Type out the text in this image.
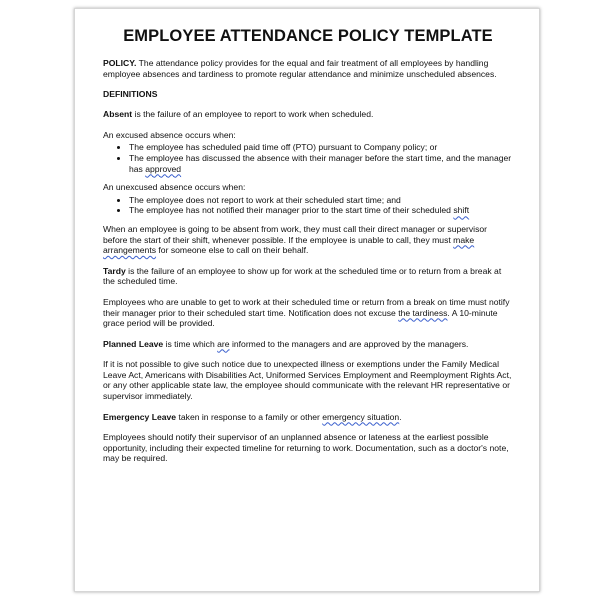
EMPLOYEE ATTENDANCE POLICY TEMPLATE

POLICY. The attendance policy provides for the equal and fair treatment of all employees by handling employee absences and tardiness to promote regular attendance and minimize unscheduled absences.

DEFINITIONS

Absent is the failure of an employee to report to work when scheduled.

An excused absence occurs when:

• The employee has scheduled paid time off (PTO) pursuant to Company policy; or
• The employee has discussed the absence with their manager before the start time, and the manager has approved

An unexcused absence occurs when:

• The employee does not report to work at their scheduled start time; and
• The employee has not notified their manager prior to the start time of their scheduled shift

When an employee is going to be absent from work, they must call their direct manager or supervisor before the start of their shift, whenever possible. If the employee is unable to call, they must make arrangements for someone else to call on their behalf.

Tardy is the failure of an employee to show up for work at the scheduled time or to return from a break at the scheduled time.

Employees who are unable to get to work at their scheduled time or return from a break on time must notify their manager prior to their scheduled start time. Notification does not excuse the tardiness. A 10-minute grace period will be provided.

Planned Leave is time which are informed to the managers and are approved by the managers.

If it is not possible to give such notice due to unexpected illness or exemptions under the Family Medical Leave Act, Americans with Disabilities Act, Uniformed Services Employment and Reemployment Rights Act, or any other applicable state law, the employee should communicate with the relevant HR representative or supervisor immediately.

Emergency Leave taken in response to a family or other emergency situation.

Employees should notify their supervisor of an unplanned absence or lateness at the earliest possible opportunity, including their expected timeline for returning to work. Documentation, such as a doctor's note, may be required.
